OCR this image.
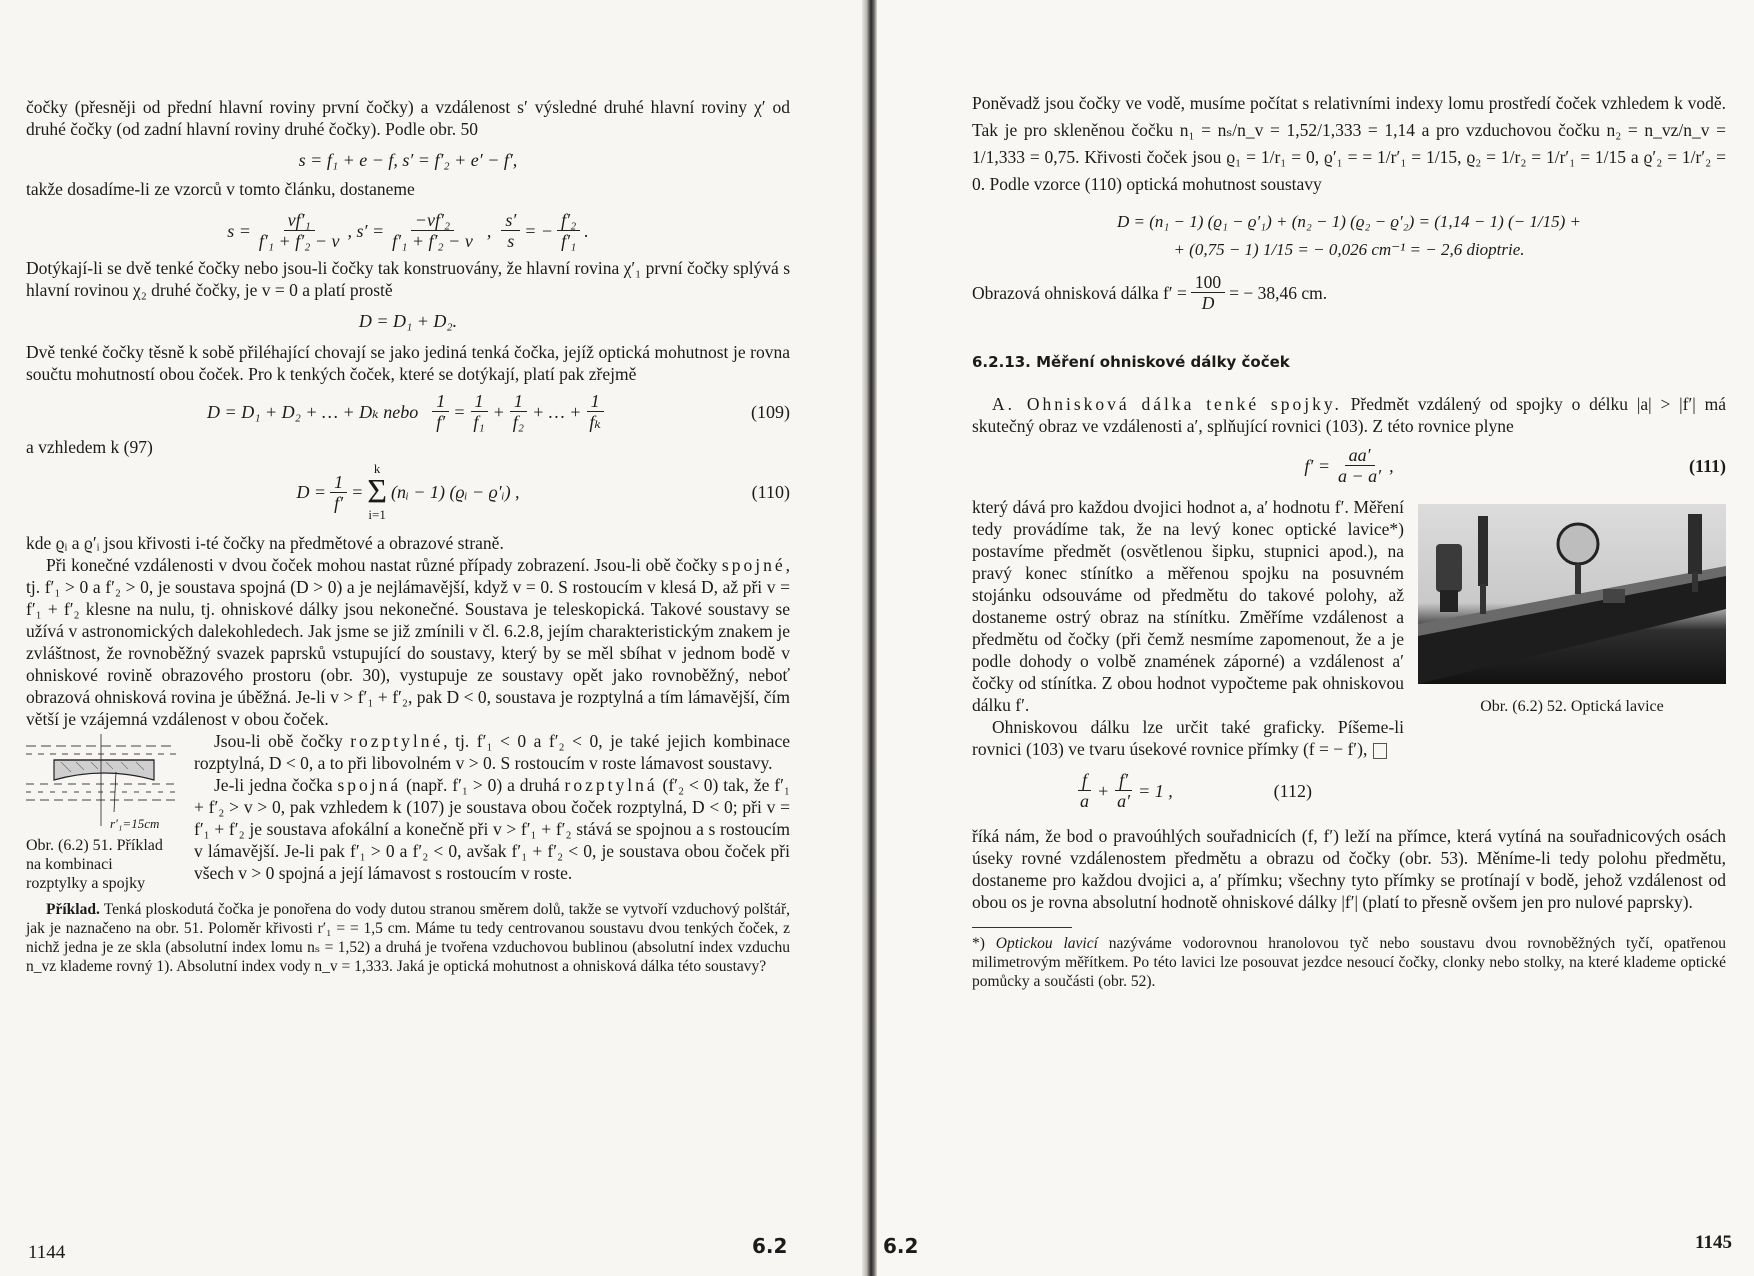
čočky (přesněji od přední hlavní roviny první čočky) a vzdálenost s′ výsledné druhé hlavní roviny χ′ od druhé čočky (od zadní hlavní roviny druhé čočky). Podle obr. 50

s = f₁ + e − f, s′ = f′₂ + e′ − f′,

takže dosadíme-li ze vzorců v tomto článku, dostaneme

$s = \frac{\text{vf′₁}}{\text{f′₁ + f′₂ − v}}$ , $s' = \frac{\text{−vf′₂}}{\text{f′₁ + f′₂ − v}}$ , $\frac{s'}{s}$ = − $\frac{\text{f′₂}}{\text{f′₁}}$ .

Dotýkají-li se dvě tenké čočky nebo jsou-li čočky tak konstruovány, že hlavní rovina χ′₁ první čočky splývá s hlavní rovinou χ₂ druhé čočky, je v = 0 a platí prostě

D = D₁ + D₂.

Dvě tenké čočky těsně k sobě přiléhající chovají se jako jediná tenká čočka, jejíž optická mohutnost je rovna součtu mohutností obou čoček. Pro k tenkých čoček, které se dotýkají, platí pak zřejmě

D = D₁ + D₂ + … + Dₖ nebo $\frac{1}{f'} = \frac{1}{\text{f₁}} + \frac{1}{\text{f₂}}$ + … + $\frac{1}{\text{fₖ}}$	(109)

a vzhledem k (97)

$D = \frac{1}{f'}$ =
k
Σ
i=1
(nᵢ − 1) (ϱᵢ − ϱ′ᵢ) ,	(110)

kde ϱᵢ a ϱ′ᵢ jsou křivosti i-té čočky na předmětové a obrazové straně.

Při konečné vzdálenosti v dvou čoček mohou nastat různé případy zobrazení. Jsou-li obě čočky spojné, tj. f′₁ > 0 a f′₂ > 0, je soustava spojná (D > 0) a je nejlámavější, když v = 0. S rostoucím v klesá D, až při v = f′₁ + f′₂ klesne na nulu, tj. ohniskové dálky jsou nekonečné. Soustava je teleskopická. Takové soustavy se užívá v astronomických dalekohledech. Jak jsme se již zmínili v čl. 6.2.8, jejím charakteristickým znakem je zvláštnost, že rovnoběžný svazek paprsků vstupující do soustavy, který by se měl sbíhat v jednom bodě v ohniskové rovině obrazového prostoru (obr. 30), vystupuje ze soustavy opět jako rovnoběžný, neboť obrazová ohnisková rovina je úběžná. Je-li v > f′₁ + f′₂, pak D < 0, soustava je rozptylná a tím lámavější, čím větší je vzájemná vzdálenost v obou čoček.

r′₁=15cm

Obr. (6.2) 51. Příklad na kombinaci rozptylky a spojky

Jsou-li obě čočky rozptylné, tj. f′₁ < 0 a f′₂ < 0, je také jejich kombinace rozptylná, D < 0, a to při libovolném v > 0. S rostoucím v roste lámavost soustavy.

Je-li jedna čočka spojná (např. f′₁ > 0) a druhá rozptylná (f′₂ < 0) tak, že f′₁ + f′₂ > v > 0, pak vzhledem k (107) je soustava obou čoček rozptylná, D < 0; při v = f′₁ + f′₂ je soustava afokální a konečně při v > f′₁ + f′₂ stává se spojnou a s rostoucím v lámavější. Je-li pak f′₁ > 0 a f′₂ < 0, avšak f′₁ + f′₂ < 0, je soustava obou čoček při všech v > 0 spojná a její lámavost s rostoucím v roste.

Příklad. Tenká ploskodutá čočka je ponořena do vody dutou stranou směrem dolů, takže se vytvoří vzduchový polštář, jak je naznačeno na obr. 51. Poloměr křivosti r′₁ = = 1,5 cm. Máme tu tedy centrovanou soustavu dvou tenkých čoček, z nichž jedna je ze skla (absolutní index lomu nₛ = 1,52) a druhá je tvořena vzduchovou bublinou (absolutní index vzduchu n_vz klademe rovný 1). Absolutní index vody n_v = 1,333. Jaká je optická mohutnost a ohnisková dálka této soustavy?

1144	6.2

Poněvadž jsou čočky ve vodě, musíme počítat s relativními indexy lomu prostředí čoček vzhledem k vodě. Tak je pro skleněnou čočku n₁ = nₛ/n_v = 1,52/1,333 = 1,14 a pro vzduchovou čočku n₂ = n_vz/n_v = 1/1,333 = 0,75. Křivosti čoček jsou ϱ₁ = 1/r₁ = 0, ϱ′₁ = = 1/r′₁ = 1/15, ϱ₂ = 1/r₂ = 1/r′₁ = 1/15 a ϱ′₂ = 1/r′₂ = 0. Podle vzorce (110) optická mohutnost soustavy

D = (n₁ − 1) (ϱ₁ − ϱ′₁) + (n₂ − 1) (ϱ₂ − ϱ′₂) = (1,14 − 1) (− 1/15) +

+ (0,75 − 1) 1/15 = − 0,026 cm⁻¹ = − 2,6 dioptrie.

Obrazová ohnisková dálka $f' = \frac{100}{D}$ = − 38,46 cm.
6.2.13. Měření ohniskové dálky čoček

A. Ohnisková dálka tenké spojky. Předmět vzdálený od spojky o délku |a| > |f′| má skutečný obraz ve vzdálenosti a′, splňující rovnici (103). Z této rovnice plyne

$f' = \frac{aa'}{a - a'}$ ,	(111)
Obr. (6.2) 52. Optická lavice

který dává pro každou dvojici hodnot a, a′ hodnotu f′. Měření tedy provádíme tak, že na levý konec optické lavice*) postavíme předmět (osvětlenou šipku, stupnici apod.), na pravý konec stínítko a měřenou spojku na posuvném stojánku odsouváme od předmětu do takové polohy, až dostaneme ostrý obraz na stínítku. Změříme vzdálenost a předmětu od čočky (při čemž nesmíme zapomenout, že a je podle dohody o volbě znamének záporné) a vzdálenost a′ čočky od stínítka. Z obou hodnot vypočteme pak ohniskovou dálku f′.

Ohniskovou dálku lze určit také graficky. Píšeme-li rovnici (103) ve tvaru úsekové rovnice přímky (f = − f′),

$\frac{f}{a} + \frac{f'}{a'} = 1$ ,	(112)

říká nám, že bod o pravoúhlých souřadnicích (f, f′) leží na přímce, která vytíná na souřadnicových osách úseky rovné vzdálenostem předmětu a obrazu od čočky (obr. 53). Měníme-li tedy polohu předmětu, dostaneme pro každou dvojici a, a′ přímku; všechny tyto přímky se protínají v bodě, jehož vzdálenost od obou os je rovna absolutní hodnotě ohniskové dálky |f′| (platí to přesně ovšem jen pro nulové paprsky).

*) Optickou lavicí nazýváme vodorovnou hranolovou tyč nebo soustavu dvou rovnoběžných tyčí, opatřenou milimetrovým měřítkem. Po této lavici lze posouvat jezdce nesoucí čočky, clonky nebo stolky, na které klademe optické pomůcky a součásti (obr. 52).

6.2	1145
